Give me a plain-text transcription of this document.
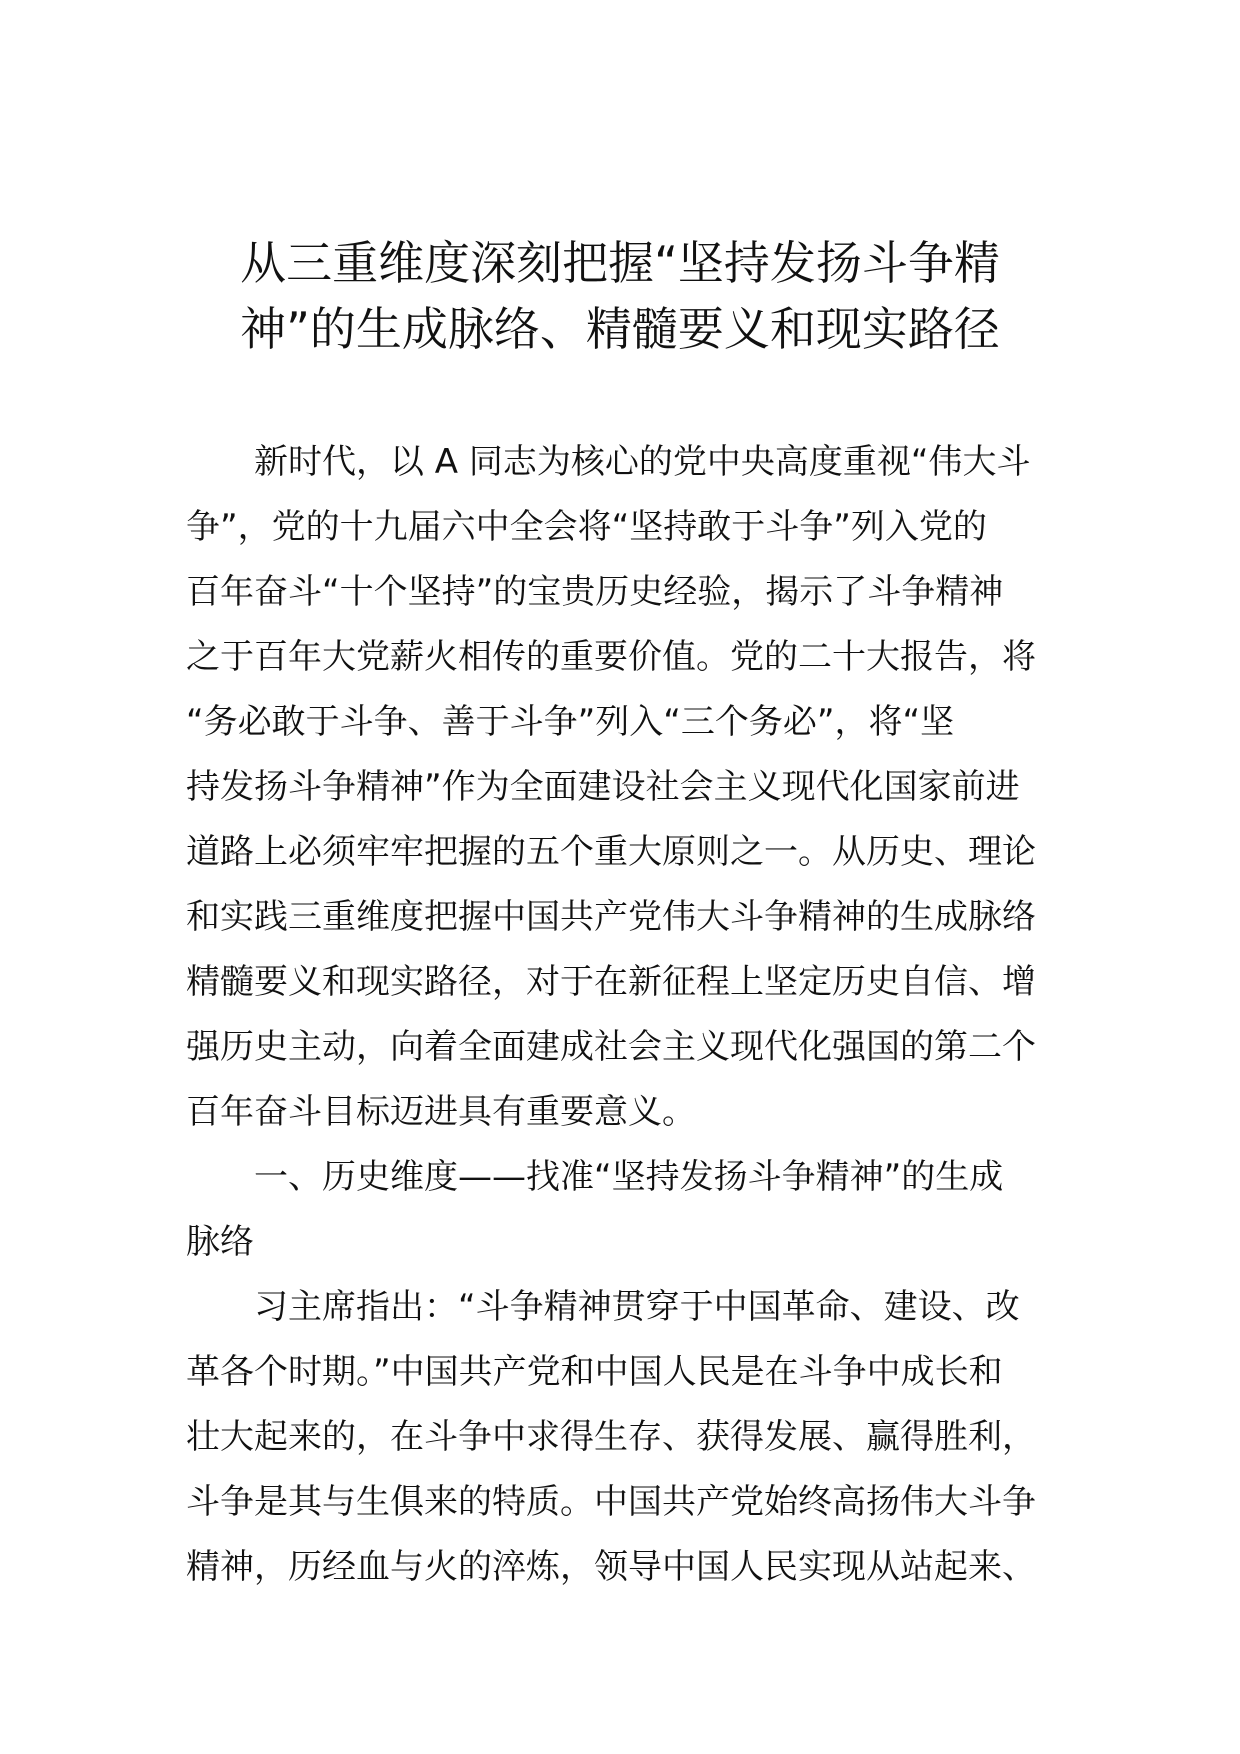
从三重维度深刻把握“坚持发扬斗争精
神”的生成脉络、精髓要义和现实路径
新时代，以 A 同志为核心的党中央高度重视“伟大斗
争”，党的十九届六中全会将“坚持敢于斗争”列入党的
百年奋斗“十个坚持”的宝贵历史经验，揭示了斗争精神
之于百年大党薪火相传的重要价值。党的二十大报告，将
“务必敢于斗争、善于斗争”列入“三个务必”，将“坚
持发扬斗争精神”作为全面建设社会主义现代化国家前进
道路上必须牢牢把握的五个重大原则之一。从历史、理论
和实践三重维度把握中国共产党伟大斗争精神的生成脉络
精髓要义和现实路径，对于在新征程上坚定历史自信、增
强历史主动，向着全面建成社会主义现代化强国的第二个
百年奋斗目标迈进具有重要意义。
一、历史维度——找准“坚持发扬斗争精神”的生成
脉络
习主席指出：“斗争精神贯穿于中国革命、建设、改
革各个时期。”中国共产党和中国人民是在斗争中成长和
壮大起来的，在斗争中求得生存、获得发展、赢得胜利，
斗争是其与生俱来的特质。中国共产党始终高扬伟大斗争
精神，历经血与火的淬炼，领导中国人民实现从站起来、
